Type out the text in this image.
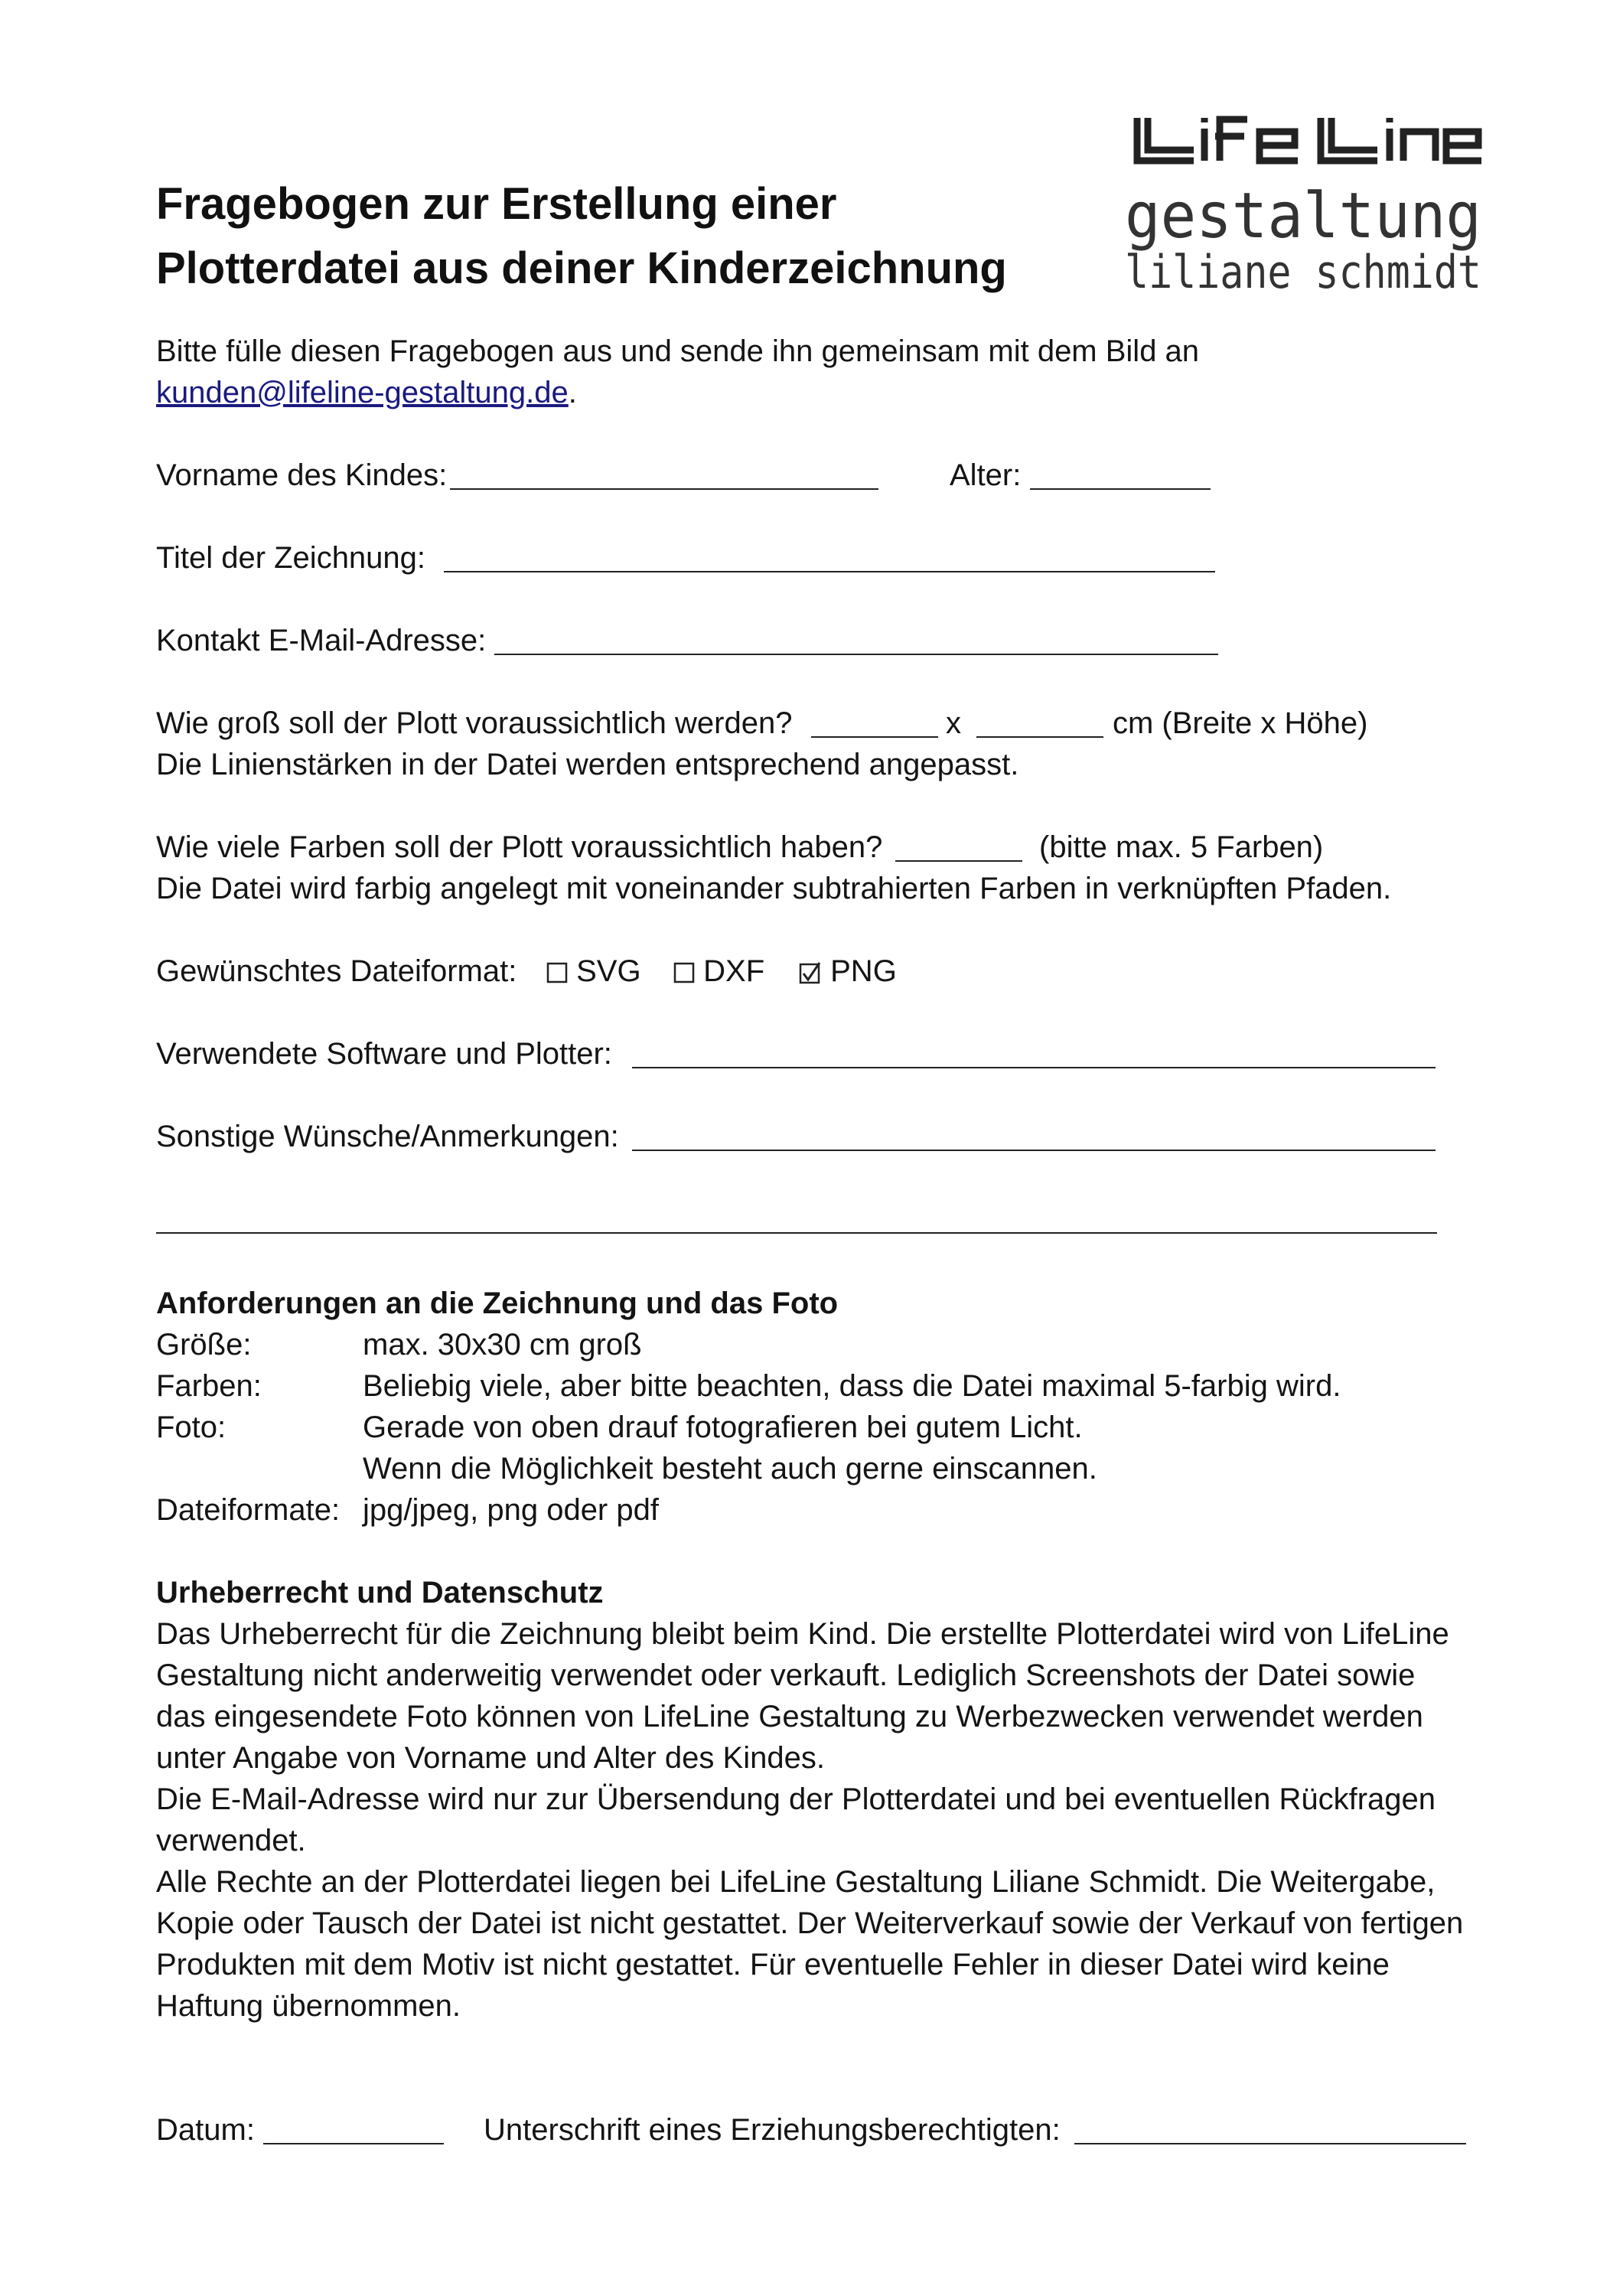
Fragebogen zur Erstellung einer
Plotterdatei aus deiner Kinderzeichnung
gestaltung
liliane schmidt
Bitte fülle diesen Fragebogen aus und sende ihn gemeinsam mit dem Bild an
kunden@lifeline-gestaltung.de.
Vorname des Kindes:	Alter:
Titel der Zeichnung:
Kontakt E-Mail-Adresse:
Wie groß soll der Plott voraussichtlich werden?	x	cm (Breite x Höhe)
Die Linienstärken in der Datei werden entsprechend angepasst.
Wie viele Farben soll der Plott voraussichtlich haben?	(bitte max. 5 Farben)
Die Datei wird farbig angelegt mit voneinander subtrahierten Farben in verknüpften Pfaden.
Gewünschtes Dateiformat:	SVG	DXF	PNG
Verwendete Software und Plotter:
Sonstige Wünsche/Anmerkungen:
Anforderungen an die Zeichnung und das Foto
Größe:	max. 30x30 cm groß
Farben:	Beliebig viele, aber bitte beachten, dass die Datei maximal 5-farbig wird.
Foto:	Gerade von oben drauf fotografieren bei gutem Licht.
Wenn die Möglichkeit besteht auch gerne einscannen.
Dateiformate: jpg/jpeg, png oder pdf
Urheberrecht und Datenschutz
Das Urheberrecht für die Zeichnung bleibt beim Kind. Die erstellte Plotterdatei wird von LifeLine
Gestaltung nicht anderweitig verwendet oder verkauft. Lediglich Screenshots der Datei sowie
das eingesendete Foto können von LifeLine Gestaltung zu Werbezwecken verwendet werden
unter Angabe von Vorname und Alter des Kindes.
Die E-Mail-Adresse wird nur zur Übersendung der Plotterdatei und bei eventuellen Rückfragen
verwendet.
Alle Rechte an der Plotterdatei liegen bei LifeLine Gestaltung Liliane Schmidt. Die Weitergabe,
Kopie oder Tausch der Datei ist nicht gestattet. Der Weiterverkauf sowie der Verkauf von fertigen
Produkten mit dem Motiv ist nicht gestattet. Für eventuelle Fehler in dieser Datei wird keine
Haftung übernommen.
Datum:	Unterschrift eines Erziehungsberechtigten:
